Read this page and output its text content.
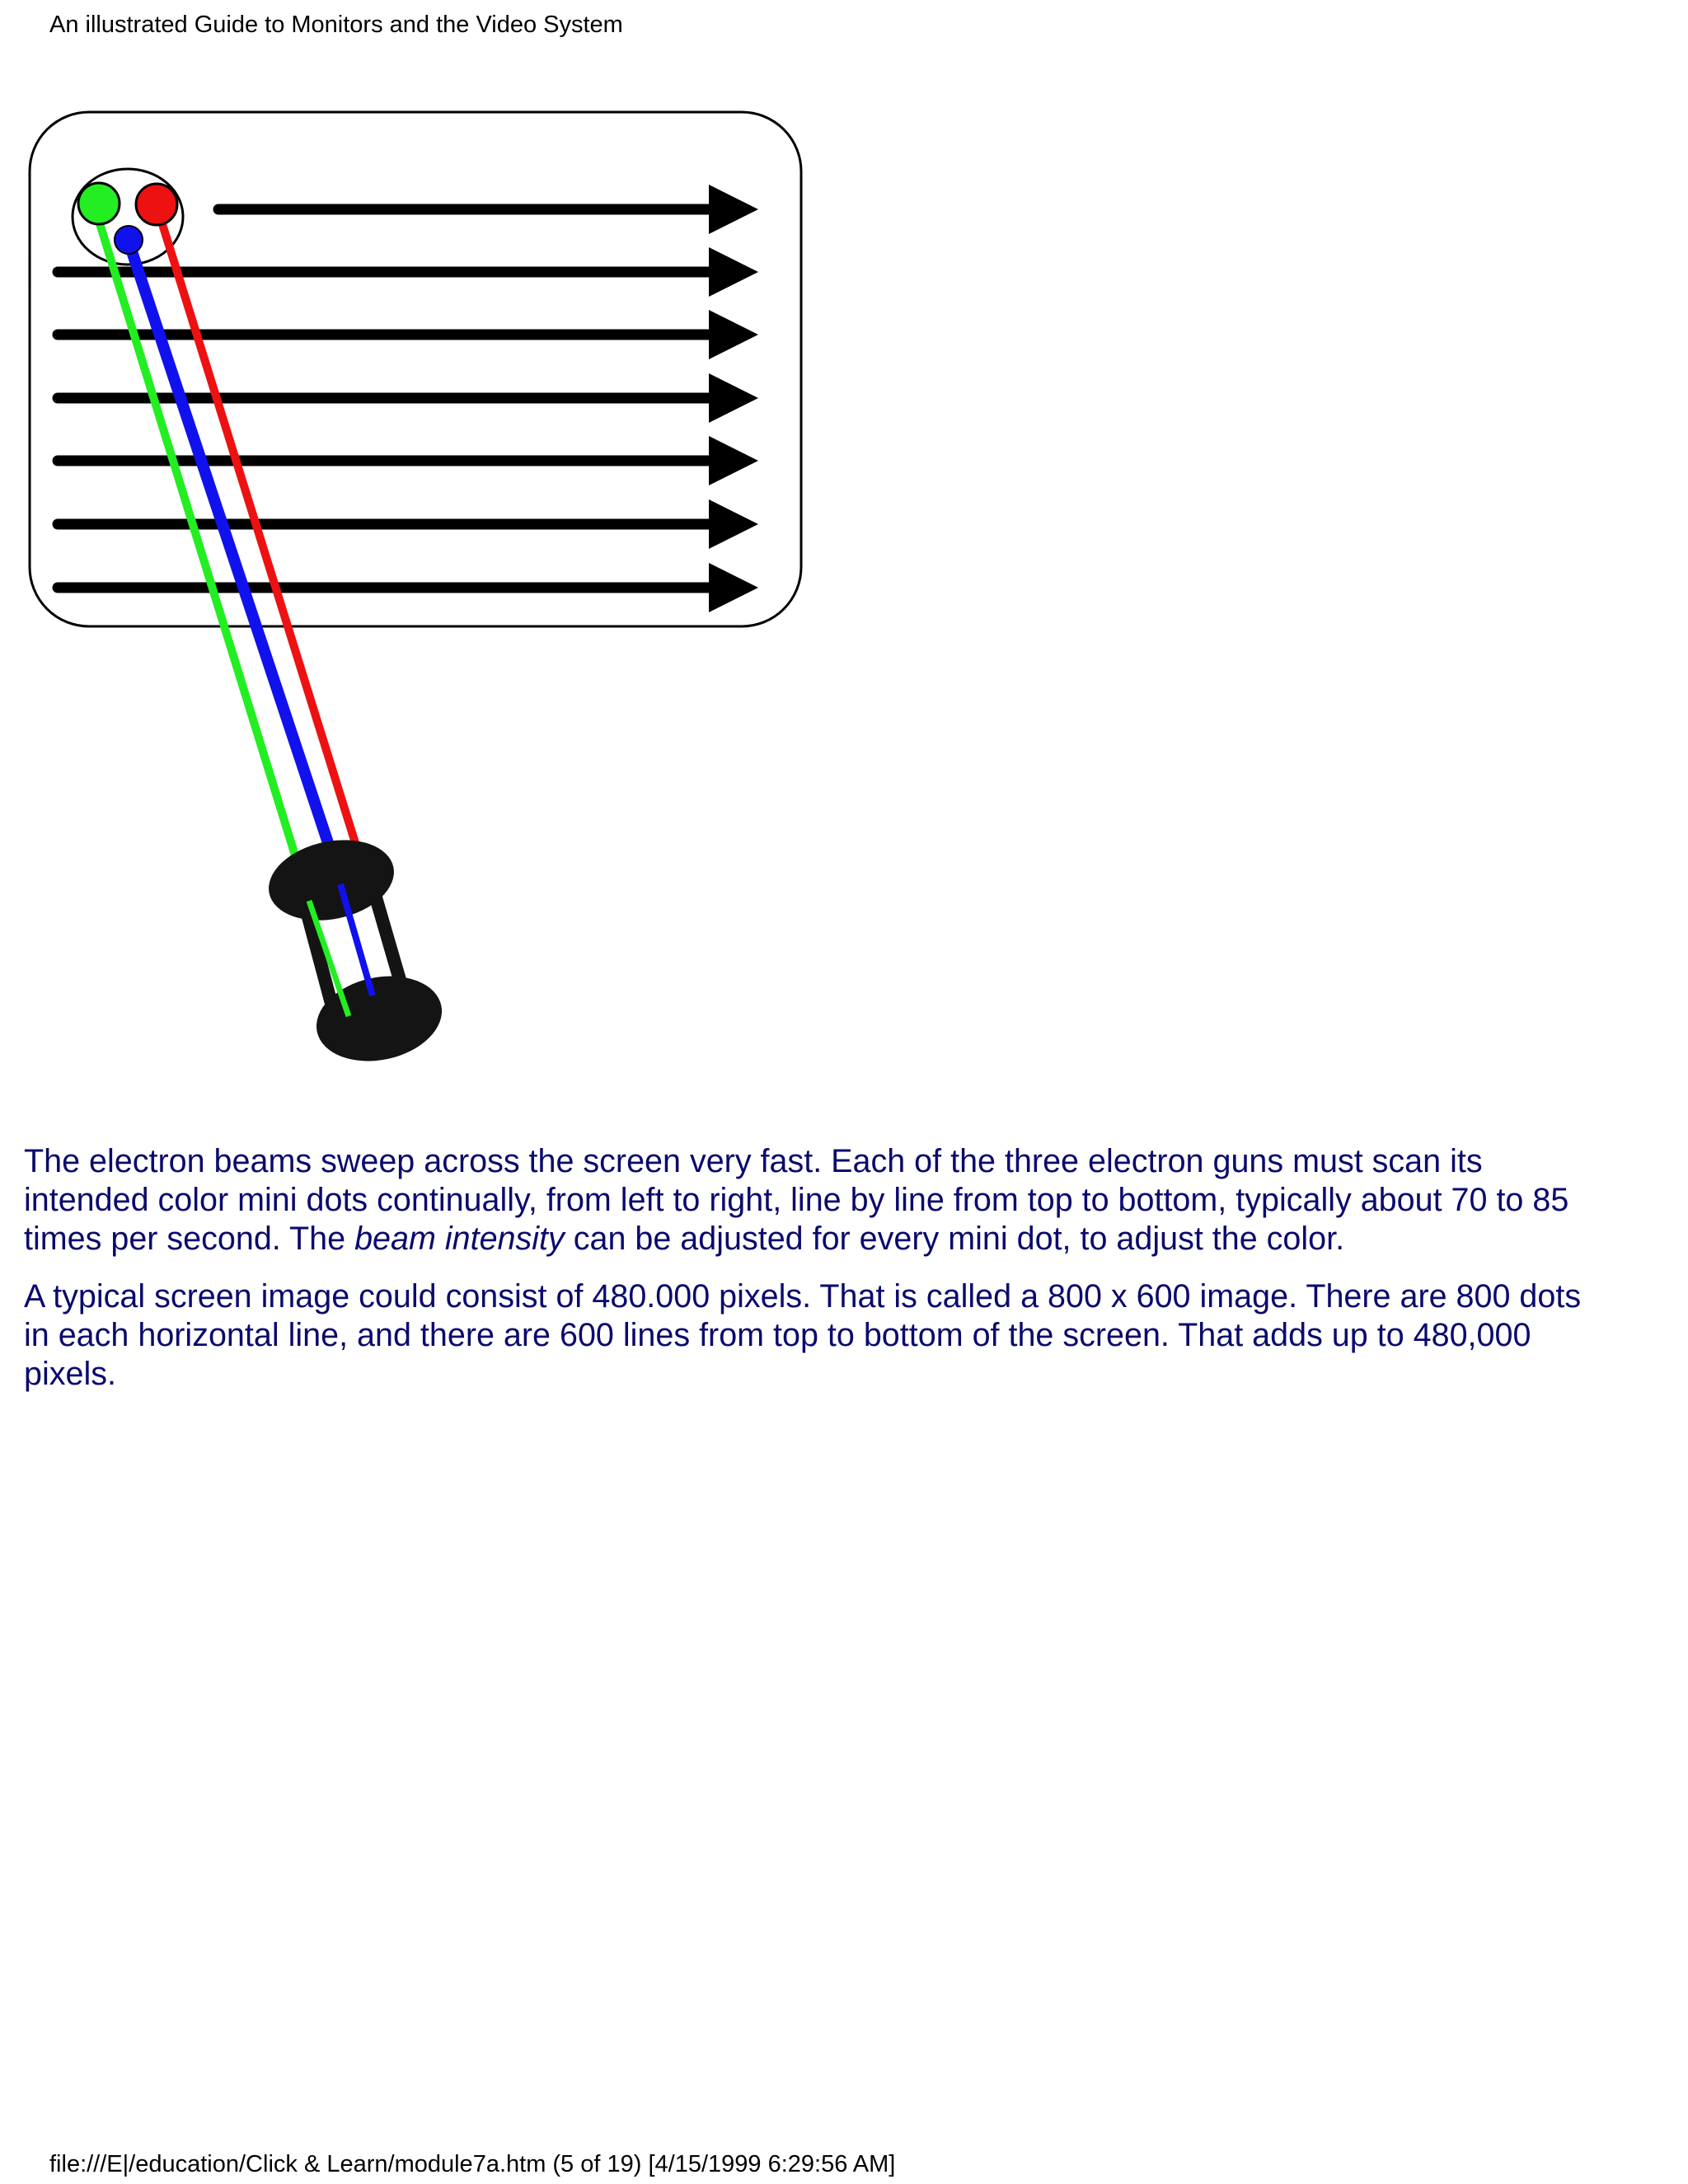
An illustrated Guide to Monitors and the Video System

The electron beams sweep across the screen very fast. Each of the three electron guns must scan its
intended color mini dots continually, from left to right, line by line from top to bottom, typically about 70 to 85
times per second. The beam intensity can be adjusted for every mini dot, to adjust the color.

A typical screen image could consist of 480.000 pixels. That is called a 800 x 600 image. There are 800 dots
in each horizontal line, and there are 600 lines from top to bottom of the screen. That adds up to 480,000
pixels.

file:///E|/education/Click & Learn/module7a.htm (5 of 19) [4/15/1999 6:29:56 AM]
